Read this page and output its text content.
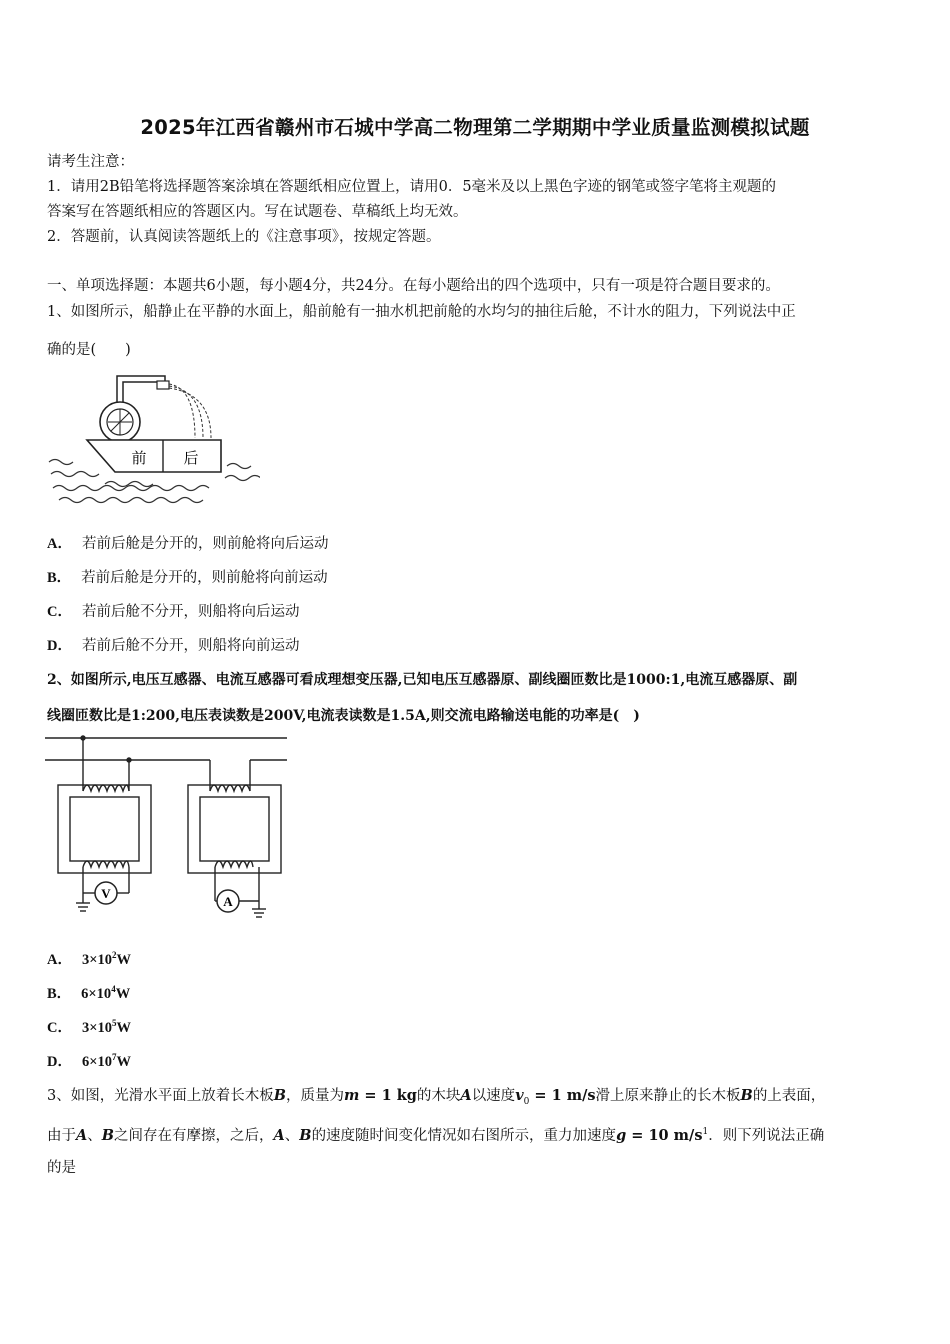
2025年江西省赣州市石城中学高二物理第二学期期中学业质量监测模拟试题
请考生注意：
1．请用2B铅笔将选择题答案涂填在答题纸相应位置上，请用0．5毫米及以上黑色字迹的钢笔或签字笔将主观题的
答案写在答题纸相应的答题区内。写在试题卷、草稿纸上均无效。
2．答题前，认真阅读答题纸上的《注意事项》，按规定答题。
一、单项选择题：本题共6小题，每小题4分，共24分。在每小题给出的四个选项中，只有一项是符合题目要求的。
1、如图所示，船静止在平静的水面上，船前舱有一抽水机把前舱的水均匀的抽往后舱，不计水的阻力，下列说法中正
确的是(　　)
前 后
A． 若前后舱是分开的，则前舱将向后运动
B． 若前后舱是分开的，则前舱将向前运动
C． 若前后舱不分开，则船将向后运动
D． 若前后舱不分开，则船将向前运动
2、如图所示,电压互感器、电流互感器可看成理想变压器,已知电压互感器原、副线圈匝数比是1000:1,电流互感器原、副
线圈匝数比是1:200,电压表读数是200V,电流表读数是1.5A,则交流电路输送电能的功率是(　)
V
A
A． $3\times 10^2W$
B． $6\times 10^4W$
C． $3\times 10^5W$
D． $6\times 10^7W$
3、如图，光滑水平面上放着长木板B，质量为m = 1 kg的木块A以速度$v_0 = 1$ m/s滑上原来静止的长木板B的上表面，
由于A、B之间存在有摩擦，之后，A、B的速度随时间变化情况如右图所示，重力加速度g = 10 $m/s^1$．则下列说法正确
的是
